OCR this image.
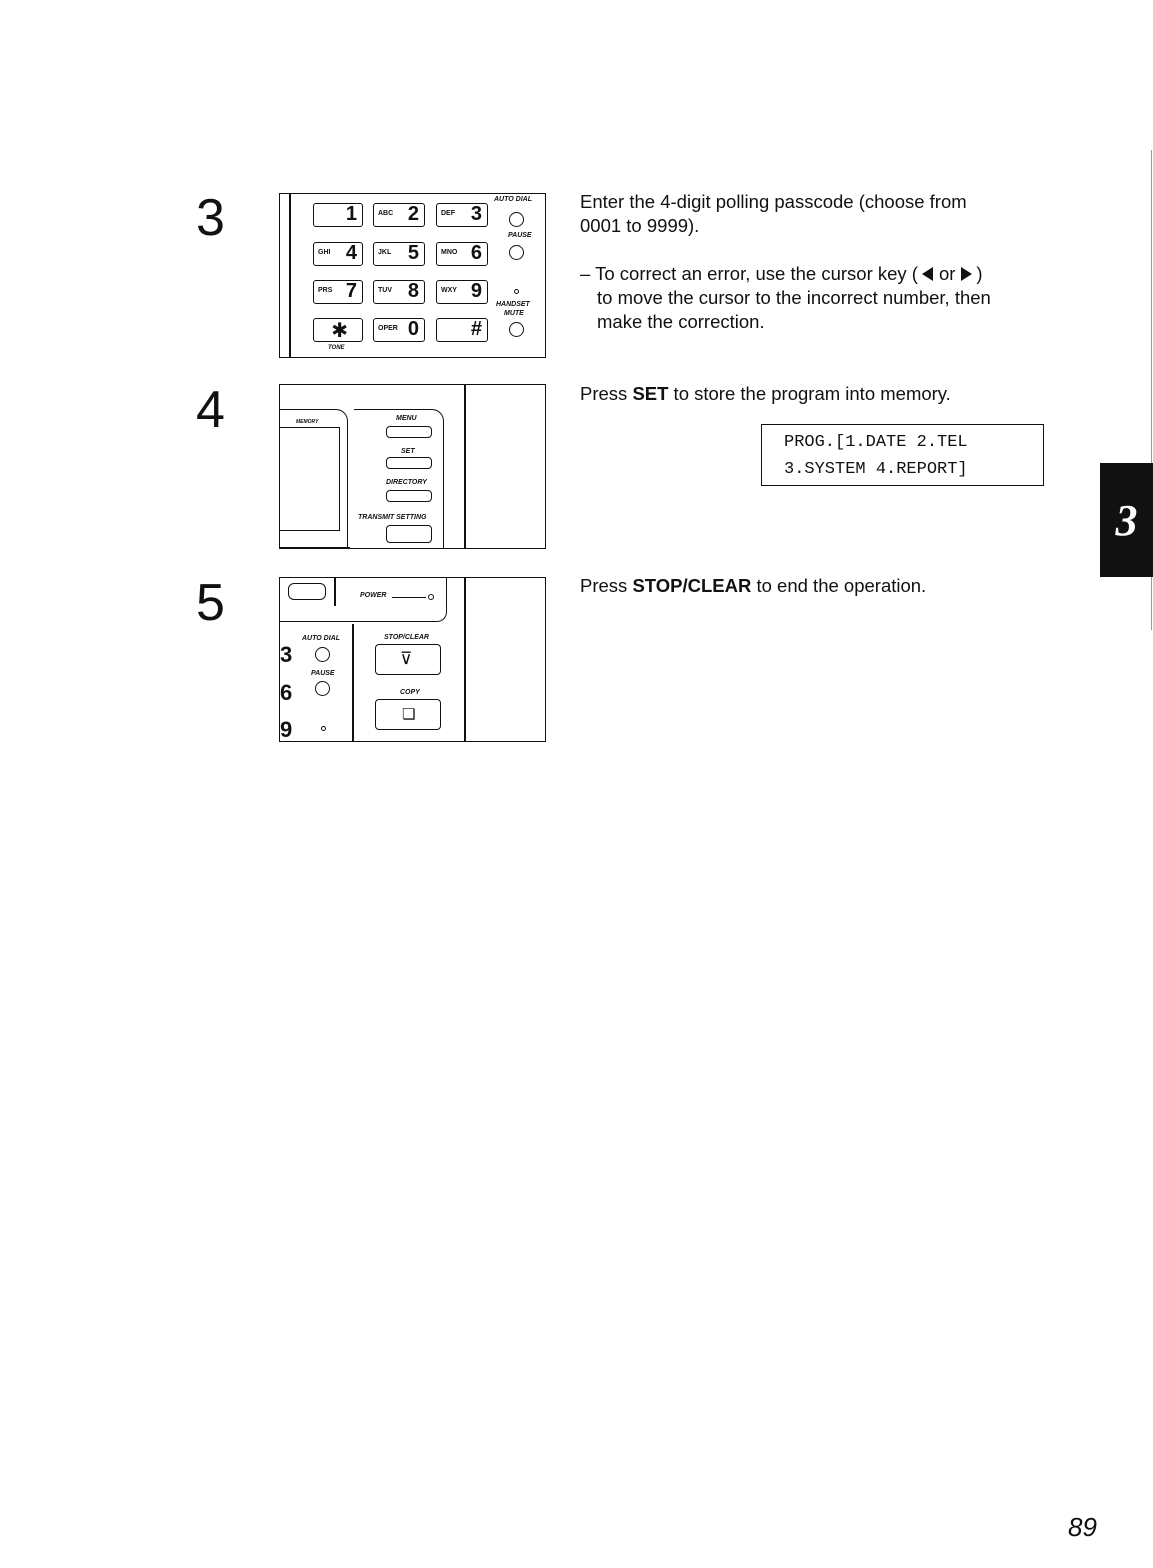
3
4
5
1	ABC 2	DEF 3
GHI 4	JKL 5	MNO 6
PRS 7	TUV 8	WXY 9
✱	OPER 0	#
AUTO DIAL
PAUSE
HANDSET
MUTE
TONE
Enter the 4-digit polling passcode (choose from
0001 to 9999).
– To correct an error, use the cursor key ( or )
to move the cursor to the incorrect number, then
make the correction.
MEMORY	MENU
SET
DIRECTORY
TRANSMIT SETTING
Press SET to store the program into memory.
PROG.[1.DATE 2.TEL
3.SYSTEM 4.REPORT]
POWER
3
6
9
AUTO DIAL
PAUSE
STOP/CLEAR
⊽
COPY
❏
Press STOP/CLEAR to end the operation.
3
89
